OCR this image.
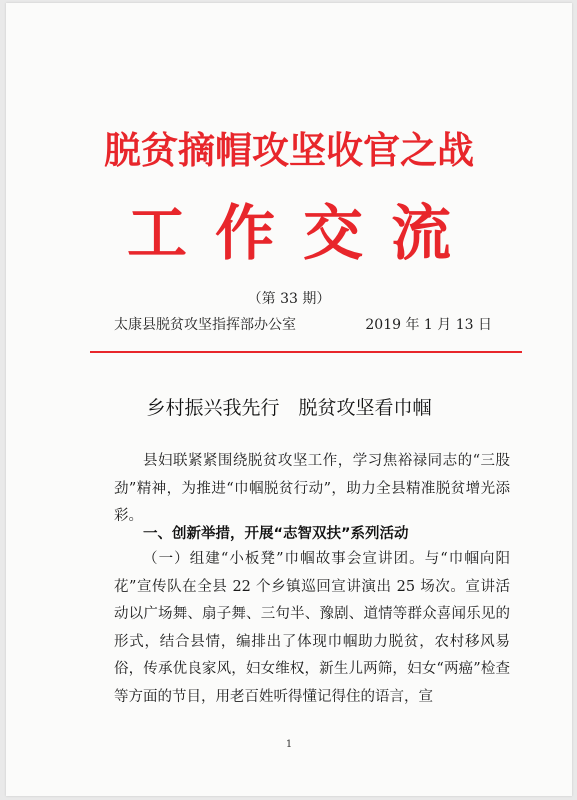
脱贫摘帽攻坚收官之战
工作交流
（第 33 期）
太康县脱贫攻坚指挥部办公室	2019 年 1 月 13 日
乡村振兴我先行　脱贫攻坚看巾帼
县妇联紧紧围绕脱贫攻坚工作，学习焦裕禄同志的“三股劲”精神，为推进“巾帼脱贫行动”，助力全县精准脱贫增光添彩。
一、创新举措，开展“志智双扶”系列活动
（一）组建“小板凳”巾帼故事会宣讲团。与“巾帼向阳花”宣传队在全县 22 个乡镇巡回宣讲演出 25 场次。宣讲活动以广场舞、扇子舞、三句半、豫剧、道情等群众喜闻乐见的形式，结合县情，编排出了体现巾帼助力脱贫，农村移风易俗，传承优良家风，妇女维权，新生儿两筛，妇女“两癌”检查等方面的节目，用老百姓听得懂记得住的语言，宣
1
